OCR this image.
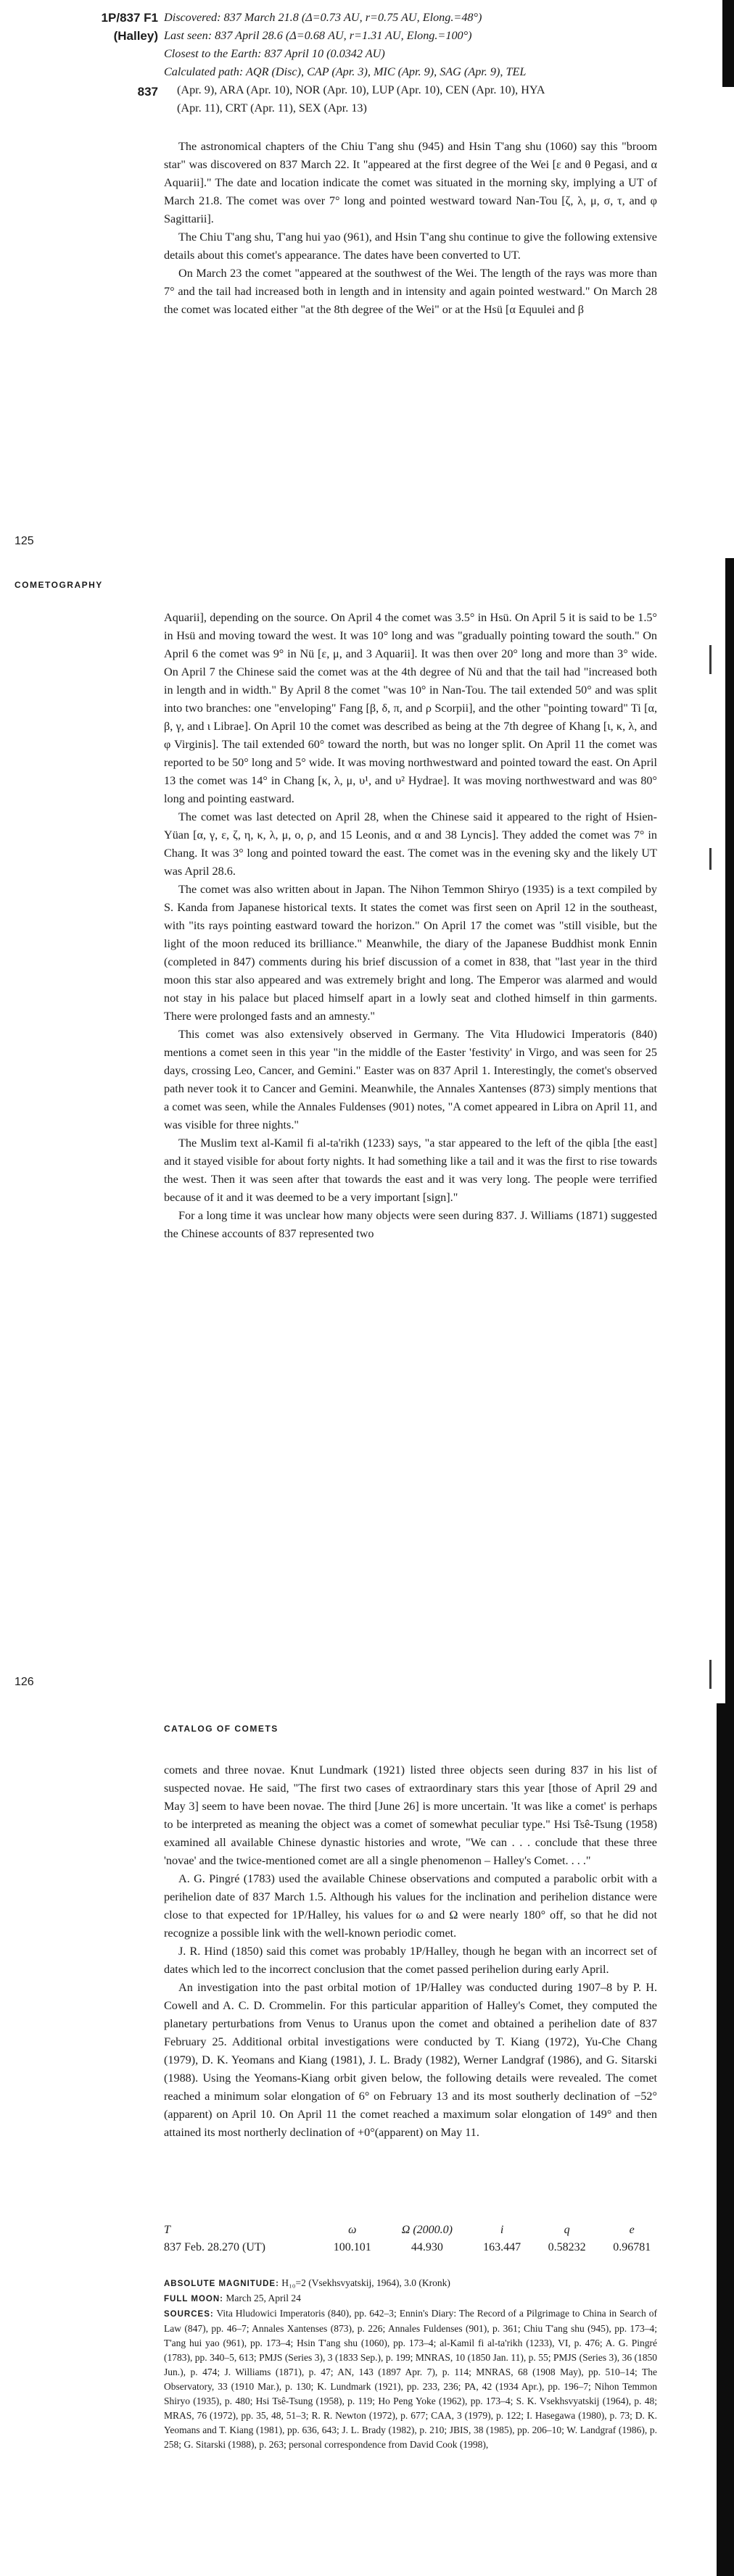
1P/837 F1
(Halley)
837
Discovered: 837 March 21.8 (Δ=0.73 AU, r=0.75 AU, Elong.=48°)
Last seen: 837 April 28.6 (Δ=0.68 AU, r=1.31 AU, Elong.=100°)
Closest to the Earth: 837 April 10 (0.0342 AU)
Calculated path: AQR (Disc), CAP (Apr. 3), MIC (Apr. 9), SAG (Apr. 9), TEL
(Apr. 9), ARA (Apr. 10), NOR (Apr. 10), LUP (Apr. 10), CEN (Apr. 10), HYA
(Apr. 11), CRT (Apr. 11), SEX (Apr. 13)

The astronomical chapters of the Chiu T'ang shu (945) and Hsin T'ang shu (1060) say this "broom star" was discovered on 837 March 22. It "appeared at the first degree of the Wei [ε and θ Pegasi, and α Aquarii]." The date and location indicate the comet was situated in the morning sky, implying a UT of March 21.8. The comet was over 7° long and pointed westward toward Nan-Tou [ζ, λ, μ, σ, τ, and φ Sagittarii].

The Chiu T'ang shu, T'ang hui yao (961), and Hsin T'ang shu continue to give the following extensive details about this comet's appearance. The dates have been converted to UT.

On March 23 the comet "appeared at the southwest of the Wei. The length of the rays was more than 7° and the tail had increased both in length and in intensity and again pointed westward." On March 28 the comet was located either "at the 8th degree of the Wei" or at the Hsü [α Equulei and β

125
COMETOGRAPHY

Aquarii], depending on the source. On April 4 the comet was 3.5° in Hsü. On April 5 it is said to be 1.5° in Hsü and moving toward the west. It was 10° long and was "gradually pointing toward the south." On April 6 the comet was 9° in Nü [ε, μ, and 3 Aquarii]. It was then over 20° long and more than 3° wide. On April 7 the Chinese said the comet was at the 4th degree of Nü and that the tail had "increased both in length and in width." By April 8 the comet "was 10° in Nan-Tou. The tail extended 50° and was split into two branches: one "enveloping" Fang [β, δ, π, and ρ Scorpii], and the other "pointing toward" Ti [α, β, γ, and ι Librae]. On April 10 the comet was described as being at the 7th degree of Khang [ι, κ, λ, and φ Virginis]. The tail extended 60° toward the north, but was no longer split. On April 11 the comet was reported to be 50° long and 5° wide. It was moving northwestward and pointed toward the east. On April 13 the comet was 14° in Chang [κ, λ, μ, υ¹, and υ² Hydrae]. It was moving northwestward and was 80° long and pointing eastward.

The comet was last detected on April 28, when the Chinese said it appeared to the right of Hsien-Yüan [α, γ, ε, ζ, η, κ, λ, μ, ο, ρ, and 15 Leonis, and α and 38 Lyncis]. They added the comet was 7° in Chang. It was 3° long and pointed toward the east. The comet was in the evening sky and the likely UT was April 28.6.

The comet was also written about in Japan. The Nihon Temmon Shiryo (1935) is a text compiled by S. Kanda from Japanese historical texts. It states the comet was first seen on April 12 in the southeast, with "its rays pointing eastward toward the horizon." On April 17 the comet was "still visible, but the light of the moon reduced its brilliance." Meanwhile, the diary of the Japanese Buddhist monk Ennin (completed in 847) comments during his brief discussion of a comet in 838, that "last year in the third moon this star also appeared and was extremely bright and long. The Emperor was alarmed and would not stay in his palace but placed himself apart in a lowly seat and clothed himself in thin garments. There were prolonged fasts and an amnesty."

This comet was also extensively observed in Germany. The Vita Hludowici Imperatoris (840) mentions a comet seen in this year "in the middle of the Easter 'festivity' in Virgo, and was seen for 25 days, crossing Leo, Cancer, and Gemini." Easter was on 837 April 1. Interestingly, the comet's observed path never took it to Cancer and Gemini. Meanwhile, the Annales Xantenses (873) simply mentions that a comet was seen, while the Annales Fuldenses (901) notes, "A comet appeared in Libra on April 11, and was visible for three nights."

The Muslim text al-Kamil fi al-ta'rikh (1233) says, "a star appeared to the left of the qibla [the east] and it stayed visible for about forty nights. It had something like a tail and it was the first to rise towards the west. Then it was seen after that towards the east and it was very long. The people were terrified because of it and it was deemed to be a very important [sign]."

For a long time it was unclear how many objects were seen during 837. J. Williams (1871) suggested the Chinese accounts of 837 represented two

126
CATALOG OF COMETS

comets and three novae. Knut Lundmark (1921) listed three objects seen during 837 in his list of suspected novae. He said, "The first two cases of extraordinary stars this year [those of April 29 and May 3] seem to have been novae. The third [June 26] is more uncertain. 'It was like a comet' is perhaps to be interpreted as meaning the object was a comet of somewhat peculiar type." Hsi Tsê-Tsung (1958) examined all available Chinese dynastic histories and wrote, "We can . . . conclude that these three 'novae' and the twice-mentioned comet are all a single phenomenon – Halley's Comet. . . ."

A. G. Pingré (1783) used the available Chinese observations and computed a parabolic orbit with a perihelion date of 837 March 1.5. Although his values for the inclination and perihelion distance were close to that expected for 1P/Halley, his values for ω and Ω were nearly 180° off, so that he did not recognize a possible link with the well-known periodic comet.

J. R. Hind (1850) said this comet was probably 1P/Halley, though he began with an incorrect set of dates which led to the incorrect conclusion that the comet passed perihelion during early April.

An investigation into the past orbital motion of 1P/Halley was conducted during 1907–8 by P. H. Cowell and A. C. D. Crommelin. For this particular apparition of Halley's Comet, they computed the planetary perturbations from Venus to Uranus upon the comet and obtained a perihelion date of 837 February 25. Additional orbital investigations were conducted by T. Kiang (1972), Yu-Che Chang (1979), D. K. Yeomans and Kiang (1981), J. L. Brady (1982), Werner Landgraf (1986), and G. Sitarski (1988). Using the Yeomans-Kiang orbit given below, the following details were revealed. The comet reached a minimum solar elongation of 6° on February 13 and its most southerly declination of −52° (apparent) on April 10. On April 11 the comet reached a maximum solar elongation of 149° and then attained its most northerly declination of +0°(apparent) on May 11.

T	ω	Ω (2000.0)	i	q	e
837 Feb. 28.270 (UT)	100.101	44.930	163.447	0.58232	0.96781

ABSOLUTE MAGNITUDE: H₁₀=2 (Vsekhsvyatskij, 1964), 3.0 (Kronk)

FULL MOON: March 25, April 24

SOURCES: Vita Hludowici Imperatoris (840), pp. 642–3; Ennin's Diary: The Record of a Pilgrimage to China in Search of Law (847), pp. 46–7; Annales Xantenses (873), p. 226; Annales Fuldenses (901), p. 361; Chiu T'ang shu (945), pp. 173–4; T'ang hui yao (961), pp. 173–4; Hsin T'ang shu (1060), pp. 173–4; al-Kamil fi al-ta'rikh (1233), VI, p. 476; A. G. Pingré (1783), pp. 340–5, 613; PMJS (Series 3), 3 (1833 Sep.), p. 199; MNRAS, 10 (1850 Jan. 11), p. 55; PMJS (Series 3), 36 (1850 Jun.), p. 474; J. Williams (1871), p. 47; AN, 143 (1897 Apr. 7), p. 114; MNRAS, 68 (1908 May), pp. 510–14; The Observatory, 33 (1910 Mar.), p. 130; K. Lundmark (1921), pp. 233, 236; PA, 42 (1934 Apr.), pp. 196–7; Nihon Temmon Shiryo (1935), p. 480; Hsi Tsê-Tsung (1958), p. 119; Ho Peng Yoke (1962), pp. 173–4; S. K. Vsekhsvyatskij (1964), p. 48; MRAS, 76 (1972), pp. 35, 48, 51–3; R. R. Newton (1972), p. 677; CAA, 3 (1979), p. 122; I. Hasegawa (1980), p. 73; D. K. Yeomans and T. Kiang (1981), pp. 636, 643; J. L. Brady (1982), p. 210; JBIS, 38 (1985), pp. 206–10; W. Landgraf (1986), p. 258; G. Sitarski (1988), p. 263; personal correspondence from David Cook (1998),
